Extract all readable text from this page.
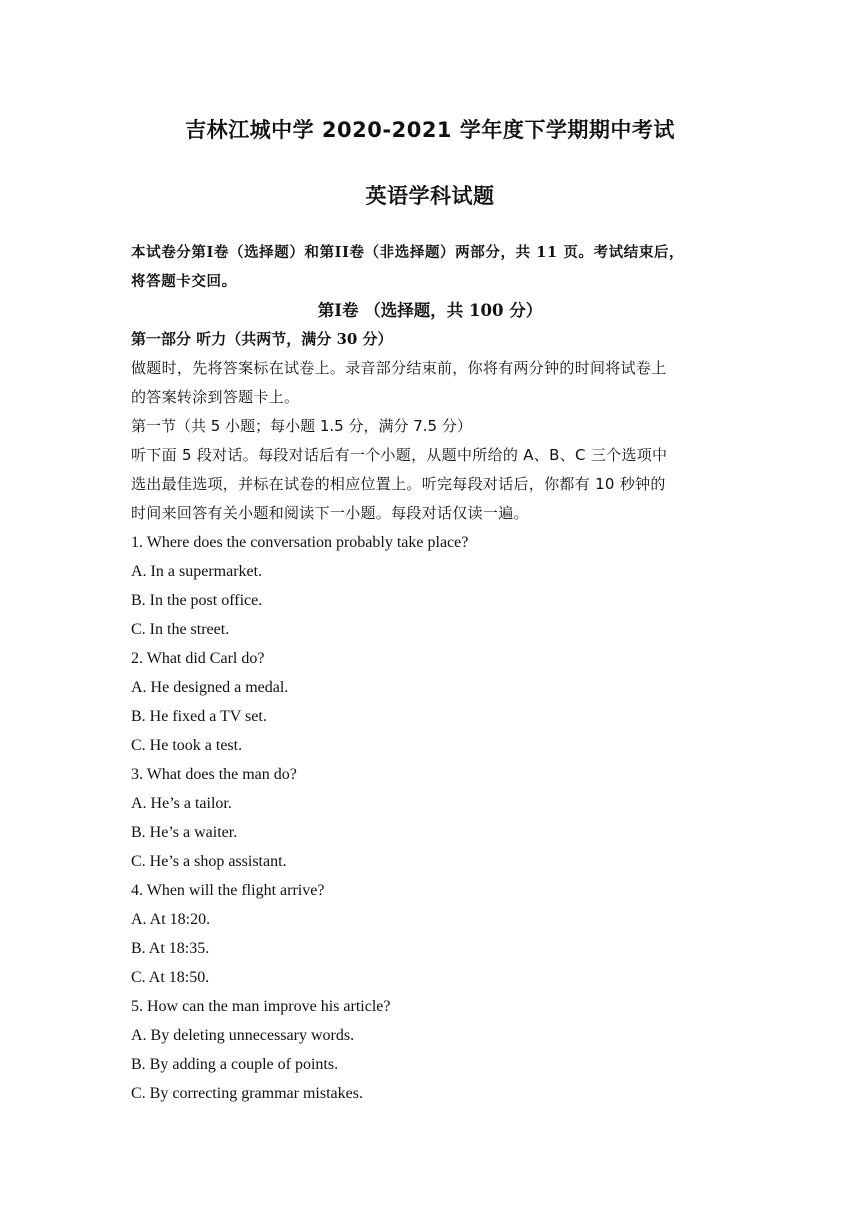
吉林江城中学 2020-2021 学年度下学期期中考试
英语学科试题
本试卷分第I卷（选择题）和第II卷（非选择题）两部分，共 11 页。考试结束后，
将答题卡交回。
第I卷 （选择题，共 100 分）
第一部分 听力（共两节，满分 30 分）
做题时，先将答案标在试卷上。录音部分结束前，你将有两分钟的时间将试卷上
的答案转涂到答题卡上。
第一节（共 5 小题；每小题 1.5 分，满分 7.5 分）
听下面 5 段对话。每段对话后有一个小题，从题中所给的 A、B、C 三个选项中
选出最佳选项，并标在试卷的相应位置上。听完每段对话后，你都有 10 秒钟的
时间来回答有关小题和阅读下一小题。每段对话仅读一遍。
1. Where does the conversation probably take place?
A. In a supermarket.
B. In the post office.
C. In the street.
2. What did Carl do?
A. He designed a medal.
B. He fixed a TV set.
C. He took a test.
3. What does the man do?
A. He’s a tailor.
B. He’s a waiter.
C. He’s a shop assistant.
4. When will the flight arrive?
A. At 18:20.
B. At 18:35.
C. At 18:50.
5. How can the man improve his article?
A. By deleting unnecessary words.
B. By adding a couple of points.
C. By correcting grammar mistakes.
